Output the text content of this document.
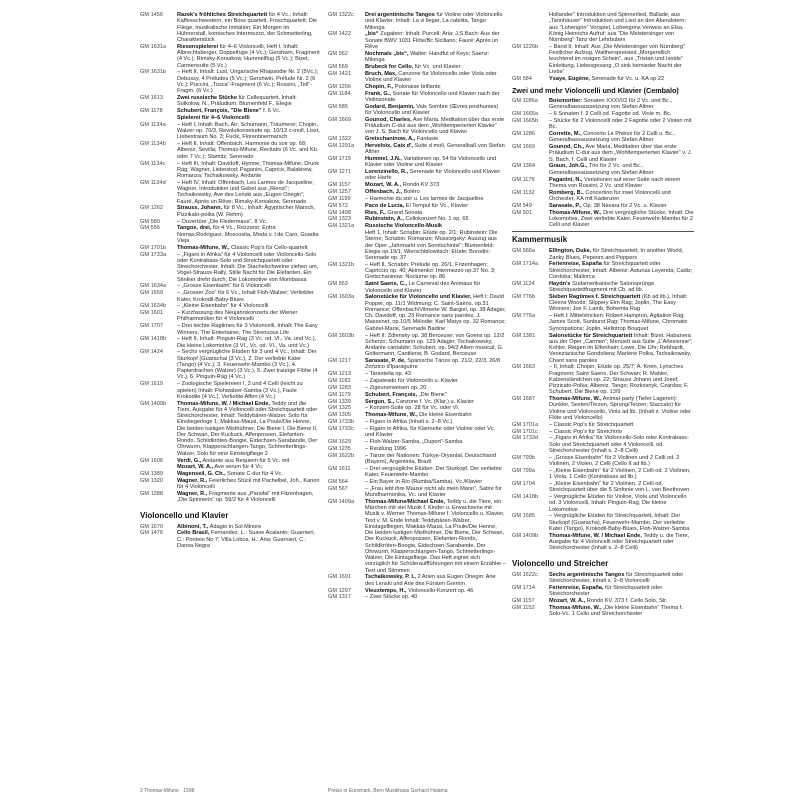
GM 1456	Razek's fröhliches Streichquartett für 4 Vc.; Inhalt: Kaffeeschwestern, ein Boss quartett, Froschquartett; Die Fliege, musikalische Imitation; Ein Morgen im Hühnerstall, komisches Intermezzo, der Schmetterling, Charakterstück
GM 1631a	Riesenspielerei für 4–6 Violoncelli, Heft I, Inhalt: Albrechtsberger, Doppelfuge (4 Vc.); Gershwin, Fragment (4 Vc.); Rimsky-Korsakow, Hummelflug (5 Vc.); Bizet, Carmensuite (5 Vc.)
GM 1631b	– Heft II, Inhalt: Lust, Ungarische Rhapsodie Nr. 2 (5Vc.); Debussy, 4 Préludes (5 Vc.); Gershwin, Prélude Nr. 2 (6 Vc.); Puccini, „Tosca“-Fragment (6 Vc.); Rossini, „Tell“-Fragm. (6 Vc.)
GM 1613	Zwei russische Stücke für Cellequartett, Inhalt: Solkolow, N., Präludium; Blumenfeld F., Elegie
GM 1178	Schubert, François, "Die Biene" f. 6 Vc.
Spielerei für 4–6 Violoncelli
GM 1134a	– Heft I, Inhalt: Bach, Air; Schumann, Träumerei; Chopin, Walzer op. 70/3, Revolutionsetude op. 10/12 c-moll, Liszt, Liebestraum No. 3; Fucik, Florentinermarsch
GM 1134b	– Heft II, Inhalt: Offenbach, Harmonie du soir op. 68; Albeniz, Sevilla; Thomas-Mifune, Recitativ (6 Vc. and Kb. oder 7 Vc.); Stamitz, Serenade
GM 1134c	– Heft III, Inhalt: Davidoff, Hymne; Thomas-Mifune, Drunk Rag; Wagner, Liebestod; Paganini, Caprice, Balakirew, Romanza; Tschaikowsky, Andante
GM 1134d	– Heft IV, Inhalt: Offenbach, Les Larmes de Jacqueline; Wagner, Introduktion und Gebet aus „Rienzi“; Tschaikowsky, Ave des Lenski aus „Eugen Onegin“; Fauré, Aprés un Rêve; Rimsky-Korsakow, Serenade
GM 1262	Strauss, Johann, für 8 Vc., Inhalt: Ägyptischer Marsch, Pizzikato-polka (W. Rehm)
GM 580	– Ouvertüre „Die Fledermaus“, 8 Vc.
GM 556	Tangos, drei, für 4 Vc., Rezzano: Entra Nomas;Rodriguez, Moscosita, Moda v. I de Caro, Guadia Vieja
GM 1701b	Thomas-Mifune, W., Classic Pop's für Cello-quartett
GM 1733a	– „Figaro in Afrika“ für 4 Violoncelli oder Violoncello-Solo oder Kontrabass-Solo und Streichquartett oder Streichorchester, Inhalt: Die Stachelschweine ziehen um, Vogel-Strauss-Rally, Stille Nacht für Die Elefanten, Ein Stinkier dreht durch, Die Lokomotive von Mombassa
GM 1634a	– „Grosse Eisenbahn“ für 6 Violoncelli
GM 1659	– „Grosser Zoo“ für 6 Vc., Inhalt Floh-Walzer; Verliebter Kater, Krokodil-Baby-Blues
GM 1634b	– „Kleine Eisenbahn“ für 4 Violoncelli
GM 1601	– Kurzfassung des Neujahrskonzerts der Wiener Philharmoniker für 4 Violoncelli
GM 1707	– Drei leichte Ragtimes für 3 Violoncelli, Inhalt: The Easy Winners, The Entertainer, The Strenuous Life
GM 1418b	– Heft II, Inhalt: Pinguin-Rag (3 Vc. od. VI., Va. und Vc.), Die kleine Lokomotive (3 VI., Vc. od. VI., Va. und Vc.)
GM 1424	– Sechs vergnügliche Etüden für 3 und 4 Vc., Inhalt: Der Sturkopf (Guarachai (3 Vc.), 2. Der verliebte Kater (Tango) (4 Vc.), 3. Feuerwehr-Mambo (3 Vc.), 4. Papierdrachen (Walzer) (3 Vc.), 5. Zwei traurige Flöhe (4 Vc.), 6. Pinguin-Rag (4 Vc.)
GM 1619	– Zoologische Spielereien I, 3 und 4 Celli (leicht zu spielen) Inhalt: Flohwalzer-Samba (3 Vc.), Faule Krokodile (4 Vc.), Verliebte Affen (4 Vc.)
GM 1409b	Thomas-Mifune, W. / Michael Ende, Teddy und die Tiere, Ausgabe für 4 Violoncelli oder Streichquartett oder Streichorchester, Inhalt: Teddybären-Walzer, Solo für Einstiegerloge 1; Makkas-Mausi, La Poule/Die Henne, Die beiden lustigen Misthühner, Die Biene I, Die Biene II, Der Schwan, Der Kuckuck, Affenpossen, Elefanten-Rondo, Schildkröten-Boogie, Eidechsen-Sarabande, Der Ohrwurm, Klapperschlangen-Tango, Schmetterlings-Walzer, Solo für eine Einsteigfliege 2
GM 1606	Verdi, G., Andante aus Requiem für 5 Vc. mit
Mozart, W. A., Ave verum für 4 Vc.
GM 1389	Wagenseil, G. Ch., Sonate C-dur für 4 Vc.
GM 1320	Wagner, R., Feierliches Stück mit Pachelbel, Joh., Kanon für 4 Violoncelli
GM 1288	Wagner, R., Fragmente aus „Parsifal“ mit Fitzenhagen, „Die Spinnerin“ op. 59/2 für 4 Violoncelli
Violoncello und Klavier
GM 1670	Albinoni, T., Adagio in Sol Minore
GM 1476	Cello Brasil, Fernandez, L.: Suave Acalanto; Guarnieri, C.: Ponteio No 7; Villa Lobos, H.: Aria; Guarnieri, C.: Dansa Negra
GM 1322c	Drei argentinische Tangos für Violine oder Violoncello und Klavier, Inhalt: La vi llegar, La cabiiita, Tango Milonga
GM 1422	„bis“ Zugaben: Inhalt: Purcell: Aria; J.S.Bach: Aus der Sonate BWV 1031 Flöte/Bc Siciliano; Fauré: Après un Rêve
GM 562	Nochmals „bis“, Walter: Handful of Keys; Saenz: Milonga
GM 559	Brubeck for Cello, für Vc. und Klavier
GM 1421	Bruch, Max, Canzone für Violoncello oder Viola oder Violine und Klavier
GM 1266	Chopin, F., Polonaise brillante
GM 1184	Frank, G., Sonate für Violoncello und Klavier nach der Violinsonate
GM 585	Godard, Benjamin, Vals Sombre (Œvres posthumes) für Violoncello und Klavier
GM 1669	Gounod, Charles, Ave Maria, Meditation über das erste Präludium C-dur aus dem „Wohltemperierten Klavier“ von J. S. Bach für Violoncello und Klavier
GM 1322	Gretschaninow, A., Fantasie
GM 1291a	Herveloix, Caix d', Suite d moll, Generalbaß von Stefan Altner
GM 1715	Hummel, J.N., Variationen op. 54 für Violoncello und Klavier oder Violine und Klavier
GM 1271	Lorenzinello, R., Serenade für Violoncello und Klavier oder Harfe
GM 1157	Mozart, W. A., Rondo KV 373
GM 1257	Offenbach, J., Boléro
GM 1199	– Harmonie du soir u. Les larmes de Jacqueline
GM 572	Paco de Lucia, El Tempul für Vc., Klavier
GM 1408	Ries, F., Grand Sonata
GM 1323	Rubinstein, A., Cellokonzert No. 1 op. 65
GM 1321a	Russische Violoncello-Musik
Heft 1, Inhalt: Scriabin: Etüde op. 2/1; Rubinstein: Die Sterne; Scriabin: Romanze; Mussorgsky: Auszug aus der Oper „Jahrmarkt von Sorotschintsi“; Blumenfeld: Elegie op.19/1; Wierschbilowitsch: Etüde; Borodin: Serenade op. 37
GM 1321b	– Heft II, Scriabin: Prélude op. 26/1, Frizenhagen: Capriccio op. 40; Akimenko: Intermezzo op.37 No. 3; Gretschaninow: Nocturne op. 86
GM 553	Saint Saens, C., Le Carneval des Animaux für Violoncello und Klavier
GM 1603a	Salonstücke für Violoncello und Klavier, Heft I: David Popper, op. 11/1 Widmung; C. Saint-Saëns, op.31 Romance; Offenbach/Vilmerte W. Bargiel, op. 38 Adagio; Ch. Davidoff, op. 23 Romance sans paroles; J. Massenet, op.10/5 Mélodie; Karl Matys op. 32 Romance; Gabriel-Marie, Serenade Badine
GM 1603b	– Heft II: Zdlensky op. 38 Berceuse; von Goens op. 12/2 Scherzo; Schumann op. 129 Adagio; Tschaikowsky, Andante cantabile; Schubert, op. 94/3 Allem musical; G. Goltermann, Cantilena; B. Godard, Berceuse
GM 1217	Sarasate, P. de, Spanische Tänze op. 21/2, 22/3, 26/8 Zortzico d'Iparaguirre
GM 1213	– Tarantella op. 43
GM 1183	– Zapateado für Violoncello u. Klavier
GM 1283	– Zigeunerweisen op. 20
GM 1179	Schubert, François, „Die Biene“
GM 1339	Sergun, S., Canzone f. Vc. (Klar.) u. Klavier
GM 1325	– Konzert-Suite op. 28 für Vc. oder Vl.
GM 1305	Thomas-Mifune, W., Die kleine Eisenbahn
GM 1733b	– Figaro in Afrika (Inhalt s. 2–8 Vc.)
GM 1733c	– Figaro in Afrika, für Klarinette oder Violine oder Vc. und Klavier
GM 1629	– Floh-Walzer-Samba, „Duport“-Samba
GM 1235	– Reutlung 1996
GM 1622b	– Tänze der Nationen: Türkye-Oryantal, Deutschland (Bayern), Argentinia, Brazil
GM 1611	– Drei vergnügliche Etüden: Der Sturkopf, Der verliebte Kater, Feuerwehr-Mambo
GM 564	– Ein Bayer in Rio (Rumba/Samba), Vc./Klavier
GM 567	– „Frau lebt ihre Mause nicht als mein Mann“, Satire für Mundharmonika, Vc. und Klavier
GM 1409a	Thomas-Mifune/Michael Ende, Teddy u. die Tiere, ein Märchen mit viel Musik f. Kinder u. Erwachsene mit Musik v. Werner Thomas-Mifune f. Violoncello u. Klavier, Text v. M. Ende Inhalt: Teddybären-Walzer, Einstagsfliegen, Makkas-Mausi, La Poule/Die Henne, Die beiden lustigen Misthühner, Die Biene, Der Schwan, Der Kuckuck, Affenpossen, Elefanten-Rondo, Schildkröten-Boogie, Eidechsen-Sarabande, Der Ohrwurm, Klapperschlangen-Tango, Schmetterlings-Walzer, Die Eintagsfliege. Das Heft eignet sich vorzüglich für Schülerauffführungen mit einem Erzähler – Text und Stimmen
GM 1691	Tschaikowsky, P. I., 2 Arien aus Eugen Onegin: Arie des Lenski und Arie des Fürsten Gremin
GM 1297	Vieuxtemps, H., Violoncello-Konzert op. 46
GM 1317	– Zwei Stücke op. 40
Hollander" Introduktion und Spinnerlied, Ballade; aus „Tannhäuser" Introduktion und Lied an den Abendstern; aus "Lohengrin" Vorspiel, Lohengrins Verweis an Elsa, König Heinrichs Aufruf; aus "Die Meistersinger von Nürnberg" Tanz der Lehrbuben
GM 1226b	– Band II, Inhalt: Aus „Die Meistersinger von Nürnberg“ Festlicher Aufzug, Waltherspreisied „Morgendlich leuchtend im rosigen Schein“, aus „Tristan und Isolde“ Einleitung, Liebesgesang „O sink hernieder Nacht der Liebe“
GM 584	Ysaye, Eugène, Serenade für Vc. u. KA op 22
Zwei und mehr Violoncelli und Klavier (Cembalo)
GM 1186a	Boismortier: Sonaten XXXVI/2 für 2 Vc. und Bc., Generalbassaussetzung von Stefan Altner
GM 1665a	– 6 Sonaten f. 2 Celli od. Fagotte od. Viole m. Bc.
GM 1665b	– Stücke für 2 Violoncelli oder 2 Fagotte oder 2 Violen mit Bc.
GM 1286	Corrette, M., Concerto Le Phénix für 2 Celli u. Bc., Generalbassaussetzung von Stefan Altner
GM 1669	Gounod, Ch., Ave Maria, Meditation über das erste Präludium C-dur aus dem „Wohltemperierten Klavier“ v. J. S. Bach, f. Celli und Klavier
GM 1364	Graun, Joh.G., Trio für 2 Vc. und Bc., Generalbassaussetzung von Stefan Altner
GM 1176	Paganini, N., Variationen auf einer Saite nach einem Thema von Rossini, 2 Vc. und Klavier
GM 1132	Romberg, B., Concertino für zwei Violoncelli und Orchester, KA mit Kadenzen
GM 549	Sarasate, P., Op. 38 Navara für 2 Vc. u. Klavier
GM 501	Thomas-Mifune, W., Drei vergnügliche Stücke, Inhalt: Die Lokomotive, Zwei verliebte Kater, Feuerwehr-Mambo für 2 Celli und Klavier
Kammermusik
GM 566a	Ellington, Duke, für Streichquartett, In another World, Zanky Blues, Pepeors and Peppers
GM 1714a	Ferienreise, España für Streichquartett oder Streichorchester, Inhalt: Albeniz: Asturias Leyenda; Cadiz; Cordoba; Mallorca
GM 1124	Haydn's Südamerikanische Salonsprünge Streichquartettfragment mit Cb. ad lib.
GM 776b	Sieben Ragtimes f. Streichquartett (Kb ad lib.), Inhalt: Cleens Woods; Slippery Elm Rag; Joplin, The Easy Winners; Joe F. Lamb, Bohemia Rag
GM 776a	– Heft I: Mittelstricken: Robert Hampton, Agitation Rag; James Scott, Sunburst Rag; Thomas-Mifune, Chromatic Syncopations; Joplin, Heliotrop Bouquet
GM 1381	Salonstücke für Streichquartett Inhalt: Bizet, Habanera aus der Oper „Carmen“; Menuett aus Suite „L'Arlesienne“; Kohler, Reigen im Elfenhain; Lowe, Die Uhr; Rebhardt, Venezianische Gondoliera; Marlene Polka, Tschaikowsky, Chant sans paroles
GM 1663	– II, Inhalt: Chopin, Etüde op. 25/7; A. Krein, Lyrisches Fragment; Saint Saens, Der Schwan; R. Mahler, Katzenständchen op. 22; Strauss Johann und Josef, Pizzicato-Polka; Albeniz, Tango; Rozkosnyk, Czardas; F. Schubert, Die Biene op. 13/9
GM 1687	Thomas-Mifune, W., Animal-party (Tiefer Lageren): Dunkler, Sexten/Terzen, Sprung/Terzen; Staccato) für Violine und Violoncello, Viola ad lib. (Inhalt s. Violine oder Flöte und Violoncello)
GM 1701a	– Classic Pop's für Streichquartett
GM 1701c	– Classic Pop's für Streichtrio
GM 1733d	– „Figaro in Afrika“ für Violoncello-Solo oder Kontrabass-Solo und Streichquartett oder 4 Violoncelli, od. Streichorchester (Inhalt s. 2–8 Celli)
GM 799b	– „Grosse Eisenbahn“ für 2 Violinen und 2 Celli od. 2 Violinen, 2 Violen, 2 Celli (Cello II ad lib.)
GM 799a	– „Kleine Eisenbahn“ für 2 Violinen, 2 Celli od. 2 Violinen, 1 Viola, 1 Cello (Kontrabass ad lib.)
GM 1704	– „Kleine Eisenbahn“ für 2 Violinen, 2 Celli od. Streichquartett über die 5 Sinfonie von L. van Beethoven
GM 1418b	– Vergnügliche Etüden für Violine, Viola und Violoncello od. 3 Violoncelli, Inhalt: Pinguin-Rag, Die kleine Lokomotive
GM 1685	– Vergnügliche Etüden für Streichquartett, Inhalt: Der Sturkopf (Guaracha), Feuerwehr-Mambo, Der verliebte Kater (Tango), Krokodil-Baby-Blues, Floh-Walzer-Samba
GM 1409b	Thomas-Mifune, W. / Michael Ende, Teddy u. die Tiere, Ausgabe für 4 Violoncelli oder Streichquartett oder Streichorchester (Inhalt s. 2–8 Celli)
Violoncello und Streicher
GM 1622c	Sechs argentinische Tangos für Streichquartett oder Streichorchester, Inhalt s. 2–8 Violoncelli
GM 1714	Ferienreise, España, für Streichquartett oder Streichorchester
GM 1157	Mozart, W. A., Rondo KV. 373 f. Cello Solo, Str.
GM 1152	Thomas-Mifune, W., „Die kleine Eisenbahn“ Thema f. Solo-Vc. 1 Cello und Streichorchester
2 Thomas-Mifune · 1998	Preise in Euromark, Bern Musikhaus Gerhard Halama
